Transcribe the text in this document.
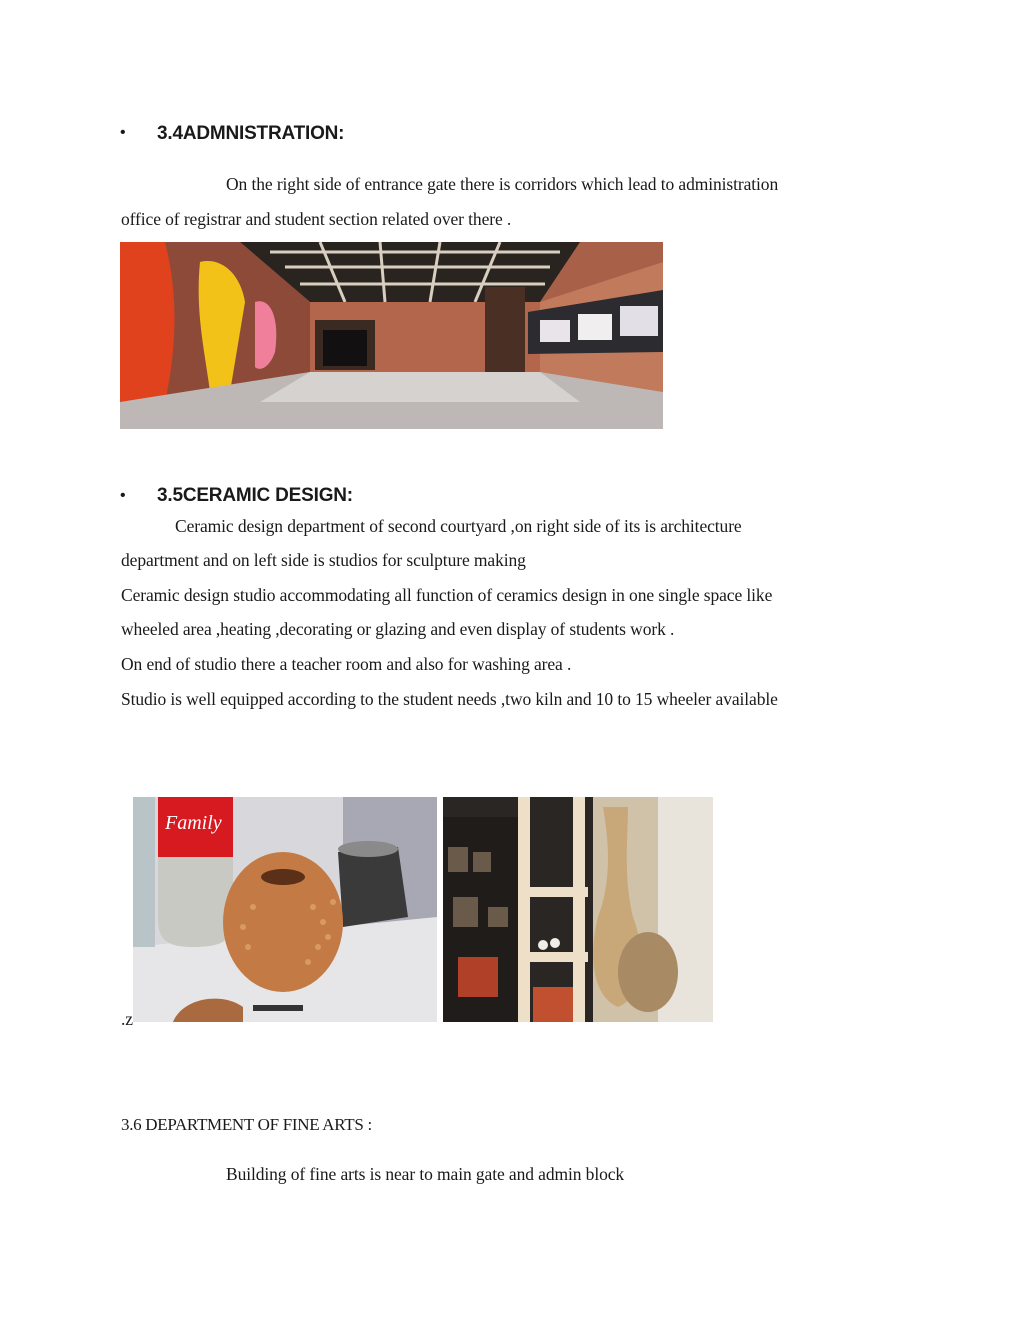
• 3.4ADMNISTRATION:
On the right side of entrance gate there is corridors which lead to administration
office of registrar and student section related over there .
• 3.5CERAMIC DESIGN:
Ceramic design department of second courtyard ,on right side of its is architecture
department and on left side is studios for sculpture making
Ceramic design studio accommodating all function of ceramics design in one single space like
wheeled area ,heating ,decorating or glazing and even display of students work .
On end of studio there a teacher room and also for washing area .
Studio is well equipped according to the student needs ,two kiln and 10 to 15 wheeler available
Family
.z
3.6 DEPARTMENT OF FINE ARTS :
Building of fine arts is near to main gate and admin block
